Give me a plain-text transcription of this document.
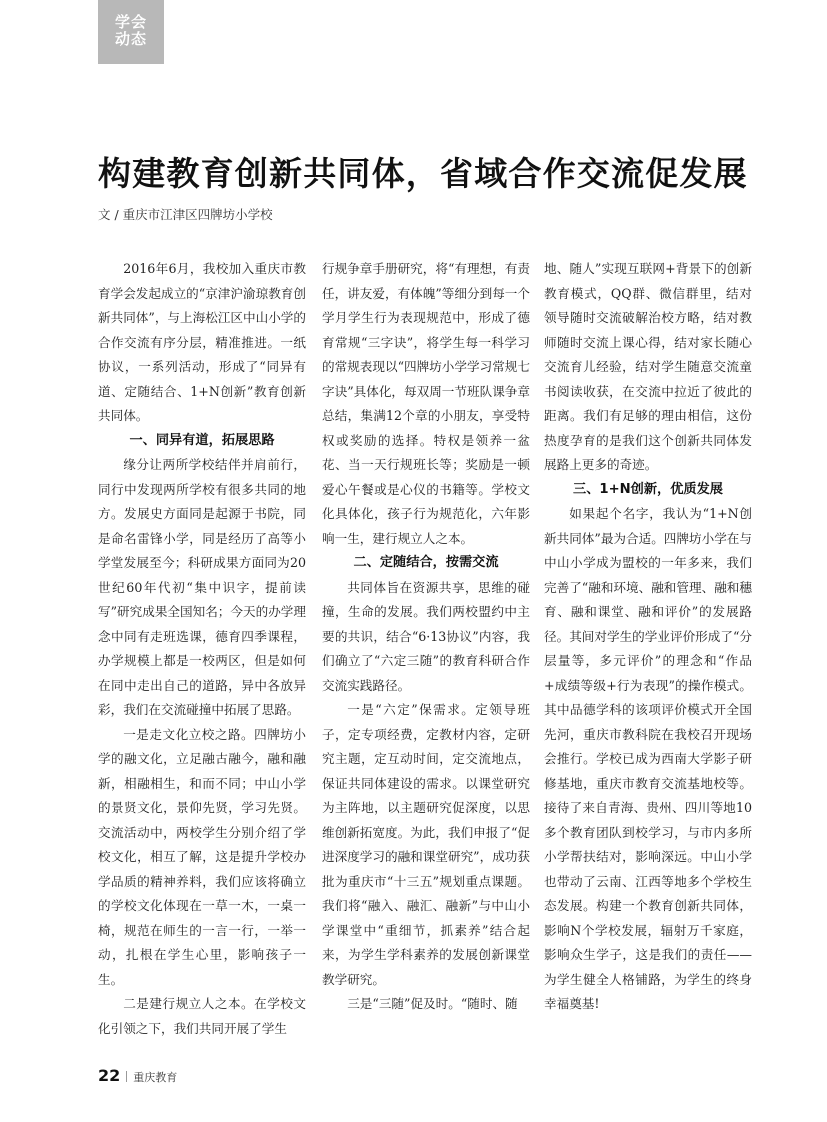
学会
动态
构建教育创新共同体，省域合作交流促发展
文 / 重庆市江津区四牌坊小学校

2016年6月，我校加入重庆市教育学会发起成立的“京津沪渝琼教育创新共同体”，与上海松江区中山小学的合作交流有序分层，精准推进。一纸协议，一系列活动，形成了“同异有道、定随结合、1+N创新”教育创新共同体。

一、同异有道，拓展思路

缘分让两所学校结伴并肩前行，同行中发现两所学校有很多共同的地方。发展史方面同是起源于书院，同是命名雷锋小学，同是经历了高等小学堂发展至今；科研成果方面同为20世纪60年代初“集中识字，提前读写”研究成果全国知名；今天的办学理念中同有走班选课，德育四季课程，办学规模上都是一校两区，但是如何在同中走出自己的道路，异中各放异彩，我们在交流碰撞中拓展了思路。

一是走文化立校之路。四牌坊小学的融文化，立足融古融今，融和融新，相融相生，和而不同；中山小学的景贤文化，景仰先贤，学习先贤。交流活动中，两校学生分别介绍了学校文化，相互了解，这是提升学校办学品质的精神养料，我们应该将确立的学校文化体现在一草一木，一桌一椅，规范在师生的一言一行，一举一动，扎根在学生心里，影响孩子一生。

二是建行规立人之本。在学校文化引领之下，我们共同开展了学生

行规争章手册研究，将“有理想，有责任，讲友爱，有体魄”等细分到每一个学月学生行为表现规范中，形成了德育常规“三字诀”，将学生每一科学习的常规表现以“四牌坊小学学习常规七字诀”具体化，每双周一节班队课争章总结，集满12个章的小朋友，享受特权或奖励的选择。特权是领养一盆花、当一天行规班长等；奖励是一顿爱心午餐或是心仪的书籍等。学校文化具体化，孩子行为规范化，六年影响一生，建行规立人之本。

二、定随结合，按需交流

共同体旨在资源共享，思维的碰撞，生命的发展。我们两校盟约中主要的共识，结合“6·13协议”内容，我们确立了“六定三随”的教育科研合作交流实践路径。

一是“六定”保需求。定领导班子，定专项经费，定教材内容，定研究主题，定互动时间，定交流地点，保证共同体建设的需求。以课堂研究为主阵地，以主题研究促深度，以思维创新拓宽度。为此，我们申报了“促进深度学习的融和课堂研究”，成功获批为重庆市“十三五”规划重点课题。我们将“融入、融汇、融新”与中山小学课堂中“重细节，抓素养”结合起来，为学生学科素养的发展创新课堂教学研究。

三是“三随”促及时。“随时、随

地、随人”实现互联网+背景下的创新教育模式，QQ群、微信群里，结对领导随时交流破解治校方略，结对教师随时交流上课心得，结对家长随心交流育儿经验，结对学生随意交流童书阅读收获，在交流中拉近了彼此的距离。我们有足够的理由相信，这份热度孕育的是我们这个创新共同体发展路上更多的奇迹。

三、1+N创新，优质发展

如果起个名字，我认为“1+N创新共同体”最为合适。四牌坊小学在与中山小学成为盟校的一年多来，我们完善了“融和环境、融和管理、融和穗育、融和课堂、融和评价”的发展路径。其间对学生的学业评价形成了“分层量等，多元评价”的理念和“作品+成绩等级+行为表现”的操作模式。其中品德学科的该项评价模式开全国先河，重庆市教科院在我校召开现场会推行。学校已成为西南大学影子研修基地，重庆市教育交流基地校等。接待了来自青海、贵州、四川等地10多个教育团队到校学习，与市内多所小学帮扶结对，影响深远。中山小学也带动了云南、江西等地多个学校生态发展。构建一个教育创新共同体，影响N个学校发展，辐射万千家庭，影响众生学子，这是我们的责任——为学生健全人格铺路，为学生的终身幸福奠基!

22 重庆教育
